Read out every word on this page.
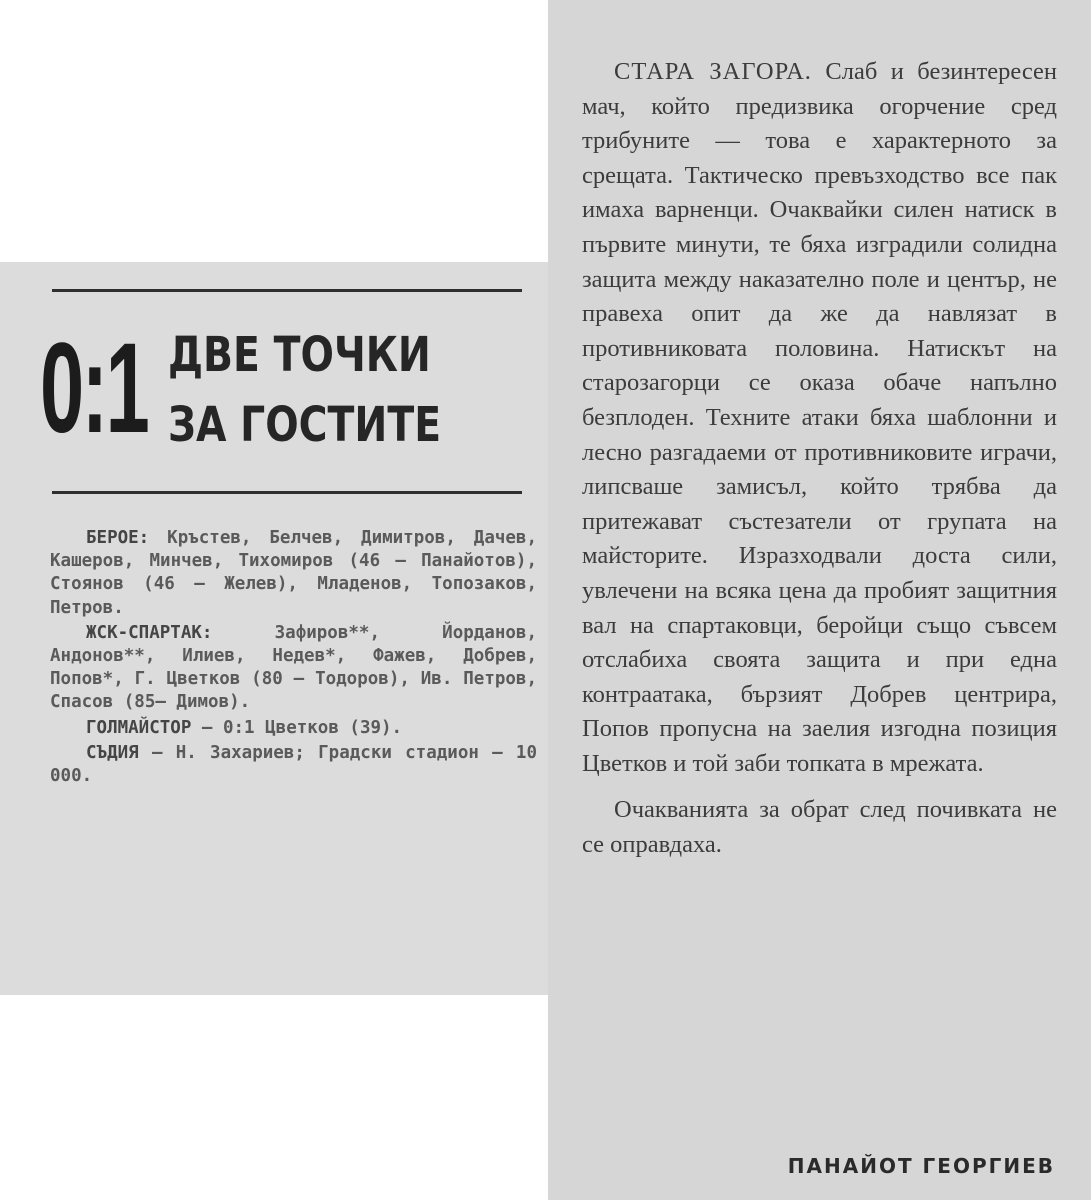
0:1 ДВЕ ТОЧКИ
ЗА ГОСТИТЕ

БЕРОЕ: Кръстев, Белчев, Димитров, Дачев, Кашеров, Минчев, Тихомиров (46 — Панайотов), Стоянов (46 — Желев), Младенов, Топозаков, Петров.

ЖСК-СПАРТАК:	Зафиров**, Йорданов, Андонов**, Илиев, Недев*, Фажев, Добрев, Попов*, Г. Цветков (80 — Тодоров), Ив. Петров, Спасов (85— Димов).

ГОЛМАЙСТОР — 0:1 Цветков (39).

СЪДИЯ — Н. Захариев; Градски стадион — 10 000.

СТАРА ЗАГОРА. Слаб и безинтересен мач, който предизвика огорчение сред трибуните — това е характерното за срещата. Тактическо превъзходство все пак имаха варненци. Очаквайки силен натиск в първите минути, те бяха изградили солидна защита между наказателно поле и център, не правеха опит да же да навлязат в противниковата половина. Натискът на старозагорци се оказа обаче напълно безплоден. Техните атаки бяха шаблонни и лесно разгадаеми от противниковите играчи, липсваше замисъл, който трябва да притежават състезатели от групата на майсторите. Изразходвали доста сили, увлечени на всяка цена да пробият защитния вал на спартаковци, беройци също съвсем отслабиха своята защита и при една контраатака, бързият Добрев центрира, Попов пропусна на заелия изгодна позиция Цветков и той заби топката в мрежата.

Очакванията за обрат след почивката не се оправдаха.

ПАНАЙОТ ГЕОРГИЕВ
